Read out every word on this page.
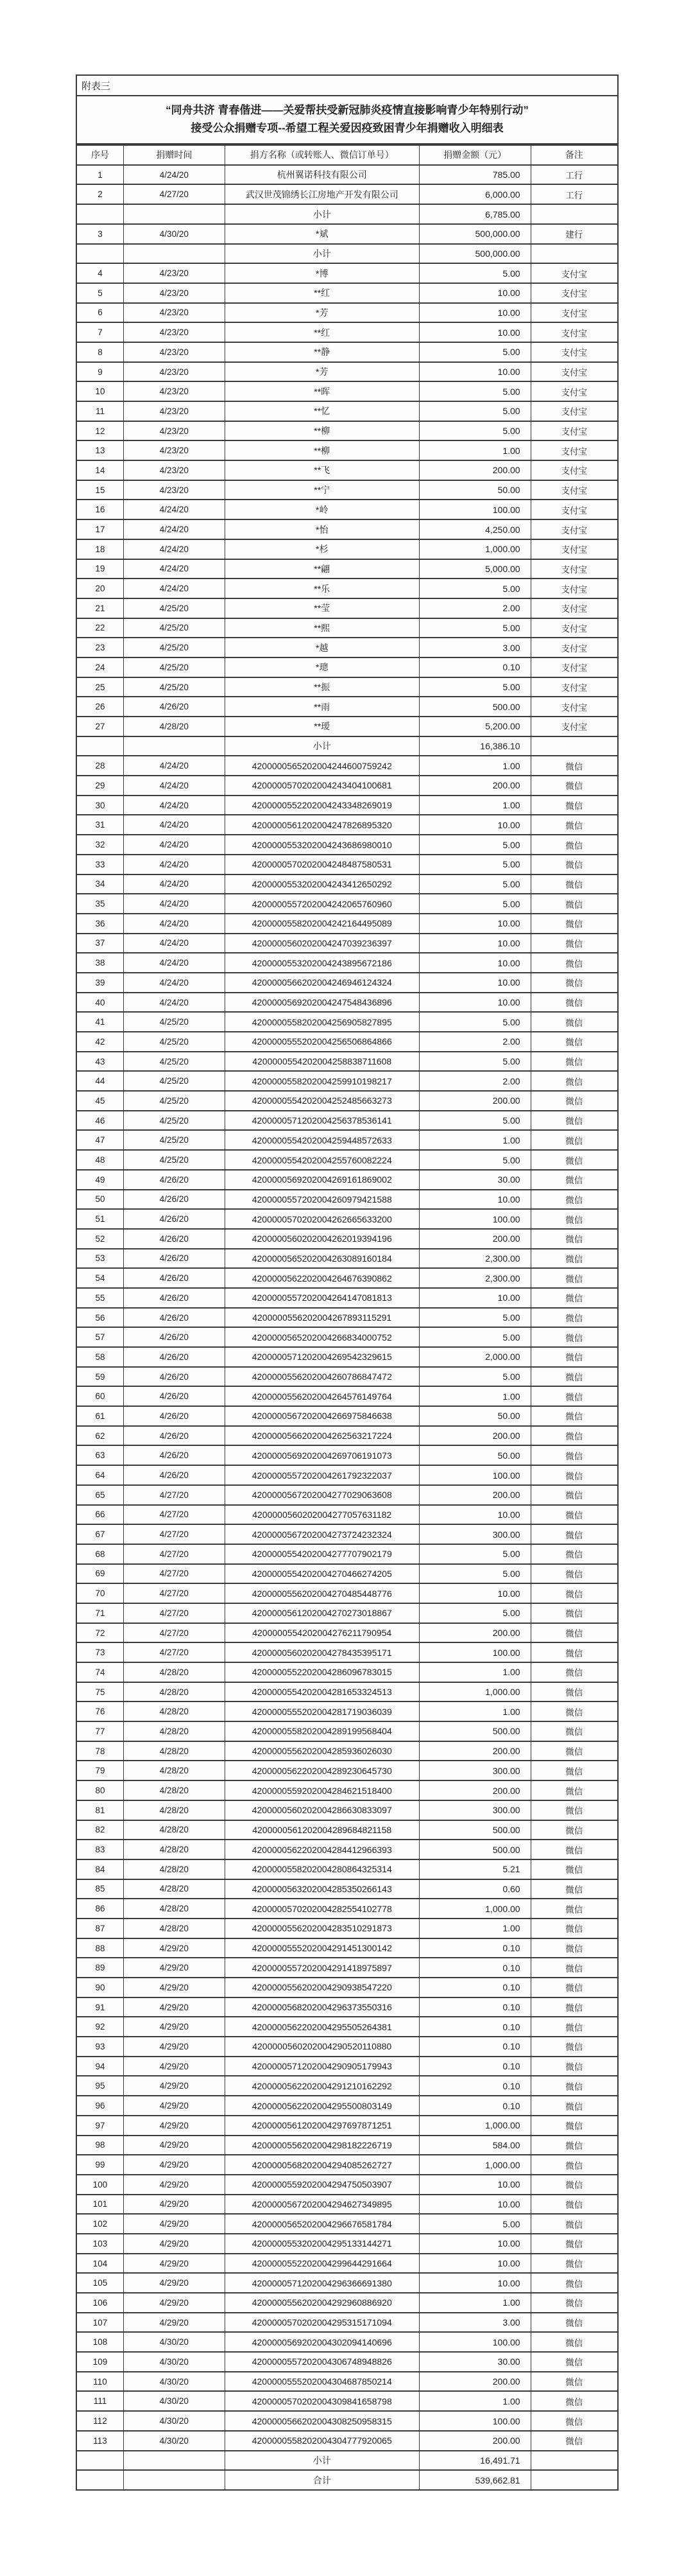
附表三
“同舟共济 青春偕进——关爱帮扶受新冠肺炎疫情直接影响青少年特别行动”
接受公众捐赠专项--希望工程关爱因疫致困青少年捐赠收入明细表
序号	捐赠时间	捐方名称（或转账人、微信订单号）	捐赠金额（元）	备注
1	4/24/20	杭州翼诺科技有限公司	785.00	工行
2	4/27/20	武汉世茂锦绣长江房地产开发有限公司	6,000.00	工行
		小计	6,785.00	
3	4/30/20	*斌	500,000.00	建行
		小计	500,000.00	
4	4/23/20	*博	5.00	支付宝
5	4/23/20	**红	10.00	支付宝
6	4/23/20	*芳	10.00	支付宝
7	4/23/20	**红	10.00	支付宝
8	4/23/20	**静	5.00	支付宝
9	4/23/20	*芳	10.00	支付宝
10	4/23/20	**晖	5.00	支付宝
11	4/23/20	**忆	5.00	支付宝
12	4/23/20	**柳	5.00	支付宝
13	4/23/20	**柳	1.00	支付宝
14	4/23/20	**飞	200.00	支付宝
15	4/23/20	**宁	50.00	支付宝
16	4/24/20	*岭	100.00	支付宝
17	4/24/20	*怡	4,250.00	支付宝
18	4/24/20	*杉	1,000.00	支付宝
19	4/24/20	**翩	5,000.00	支付宝
20	4/24/20	**乐	5.00	支付宝
21	4/25/20	**莹	2.00	支付宝
22	4/25/20	**熙	5.00	支付宝
23	4/25/20	*越	3.00	支付宝
24	4/25/20	*璁	0.10	支付宝
25	4/25/20	**振	5.00	支付宝
26	4/26/20	**雨	500.00	支付宝
27	4/28/20	**瑷	5,200.00	支付宝
		小计	16,386.10	
28	4/24/20	4200000565202004244600759242	1.00	微信
29	4/24/20	4200000570202004243404100681	200.00	微信
30	4/24/20	4200000552202004243348269019	1.00	微信
31	4/24/20	4200000561202004247826895320	10.00	微信
32	4/24/20	4200000553202004243686980010	5.00	微信
33	4/24/20	4200000570202004248487580531	5.00	微信
34	4/24/20	4200000553202004243412650292	5.00	微信
35	4/24/20	4200000557202004242065760960	5.00	微信
36	4/24/20	4200000558202004242164495089	10.00	微信
37	4/24/20	4200000560202004247039236397	10.00	微信
38	4/24/20	4200000553202004243895672186	10.00	微信
39	4/24/20	4200000566202004246946124324	10.00	微信
40	4/24/20	4200000569202004247548436896	10.00	微信
41	4/25/20	4200000558202004256905827895	5.00	微信
42	4/25/20	4200000555202004256506864866	2.00	微信
43	4/25/20	4200000554202004258838711608	5.00	微信
44	4/25/20	4200000558202004259910198217	2.00	微信
45	4/25/20	4200000554202004252485663273	200.00	微信
46	4/25/20	4200000571202004256378536141	5.00	微信
47	4/25/20	4200000554202004259448572633	1.00	微信
48	4/25/20	4200000554202004255760082224	5.00	微信
49	4/26/20	4200000569202004269161869002	30.00	微信
50	4/26/20	4200000557202004260979421588	10.00	微信
51	4/26/20	4200000570202004262665633200	100.00	微信
52	4/26/20	4200000560202004262019394196	200.00	微信
53	4/26/20	4200000565202004263089160184	2,300.00	微信
54	4/26/20	4200000562202004264676390862	2,300.00	微信
55	4/26/20	4200000557202004264147081813	10.00	微信
56	4/26/20	4200000556202004267893115291	5.00	微信
57	4/26/20	4200000565202004266834000752	5.00	微信
58	4/26/20	4200000571202004269542329615	2,000.00	微信
59	4/26/20	4200000556202004260786847472	5.00	微信
60	4/26/20	4200000556202004264576149764	1.00	微信
61	4/26/20	4200000567202004266975846638	50.00	微信
62	4/26/20	4200000566202004262563217224	200.00	微信
63	4/26/20	4200000569202004269706191073	50.00	微信
64	4/26/20	4200000557202004261792322037	100.00	微信
65	4/27/20	4200000567202004277029063608	200.00	微信
66	4/27/20	4200000560202004277057631182	10.00	微信
67	4/27/20	4200000567202004273724232324	300.00	微信
68	4/27/20	4200000554202004277707902179	5.00	微信
69	4/27/20	4200000554202004270466274205	5.00	微信
70	4/27/20	4200000556202004270485448776	10.00	微信
71	4/27/20	4200000561202004270273018867	5.00	微信
72	4/27/20	4200000554202004276211790954	200.00	微信
73	4/27/20	4200000560202004278435395171	100.00	微信
74	4/28/20	4200000552202004286096783015	1.00	微信
75	4/28/20	4200000554202004281653324513	1,000.00	微信
76	4/28/20	4200000555202004281719036039	1.00	微信
77	4/28/20	4200000558202004289199568404	500.00	微信
78	4/28/20	4200000556202004285936026030	200.00	微信
79	4/28/20	4200000562202004289230645730	300.00	微信
80	4/28/20	4200000559202004284621518400	200.00	微信
81	4/28/20	4200000560202004286630833097	300.00	微信
82	4/28/20	4200000561202004289684821158	500.00	微信
83	4/28/20	4200000562202004284412966393	500.00	微信
84	4/28/20	4200000558202004280864325314	5.21	微信
85	4/28/20	4200000563202004285350266143	0.60	微信
86	4/28/20	4200000570202004282554102778	1,000.00	微信
87	4/28/20	4200000556202004283510291873	1.00	微信
88	4/29/20	4200000555202004291451300142	0.10	微信
89	4/29/20	4200000557202004291418975897	0.10	微信
90	4/29/20	4200000556202004290938547220	0.10	微信
91	4/29/20	4200000568202004296373550316	0.10	微信
92	4/29/20	4200000562202004295505264381	0.10	微信
93	4/29/20	4200000560202004290520110880	0.10	微信
94	4/29/20	4200000571202004290905179943	0.10	微信
95	4/29/20	4200000562202004291210162292	0.10	微信
96	4/29/20	4200000562202004295500803149	0.10	微信
97	4/29/20	4200000561202004297697871251	1,000.00	微信
98	4/29/20	4200000556202004298182226719	584.00	微信
99	4/29/20	4200000568202004294085262727	1,000.00	微信
100	4/29/20	4200000559202004294750503907	10.00	微信
101	4/29/20	4200000567202004294627349895	10.00	微信
102	4/29/20	4200000565202004296676581784	5.00	微信
103	4/29/20	4200000553202004295133144271	10.00	微信
104	4/29/20	4200000552202004299644291664	10.00	微信
105	4/29/20	4200000571202004296366691380	10.00	微信
106	4/29/20	4200000556202004292960886920	1.00	微信
107	4/29/20	4200000570202004295315171094	3.00	微信
108	4/30/20	4200000569202004302094140696	100.00	微信
109	4/30/20	4200000557202004306748948826	30.00	微信
110	4/30/20	4200000555202004304687850214	200.00	微信
111	4/30/20	4200000570202004309841658798	1.00	微信
112	4/30/20	4200000566202004308250958315	100.00	微信
113	4/30/20	4200000558202004304777920065	200.00	微信
		小计	16,491.71	
		合计	539,662.81	
